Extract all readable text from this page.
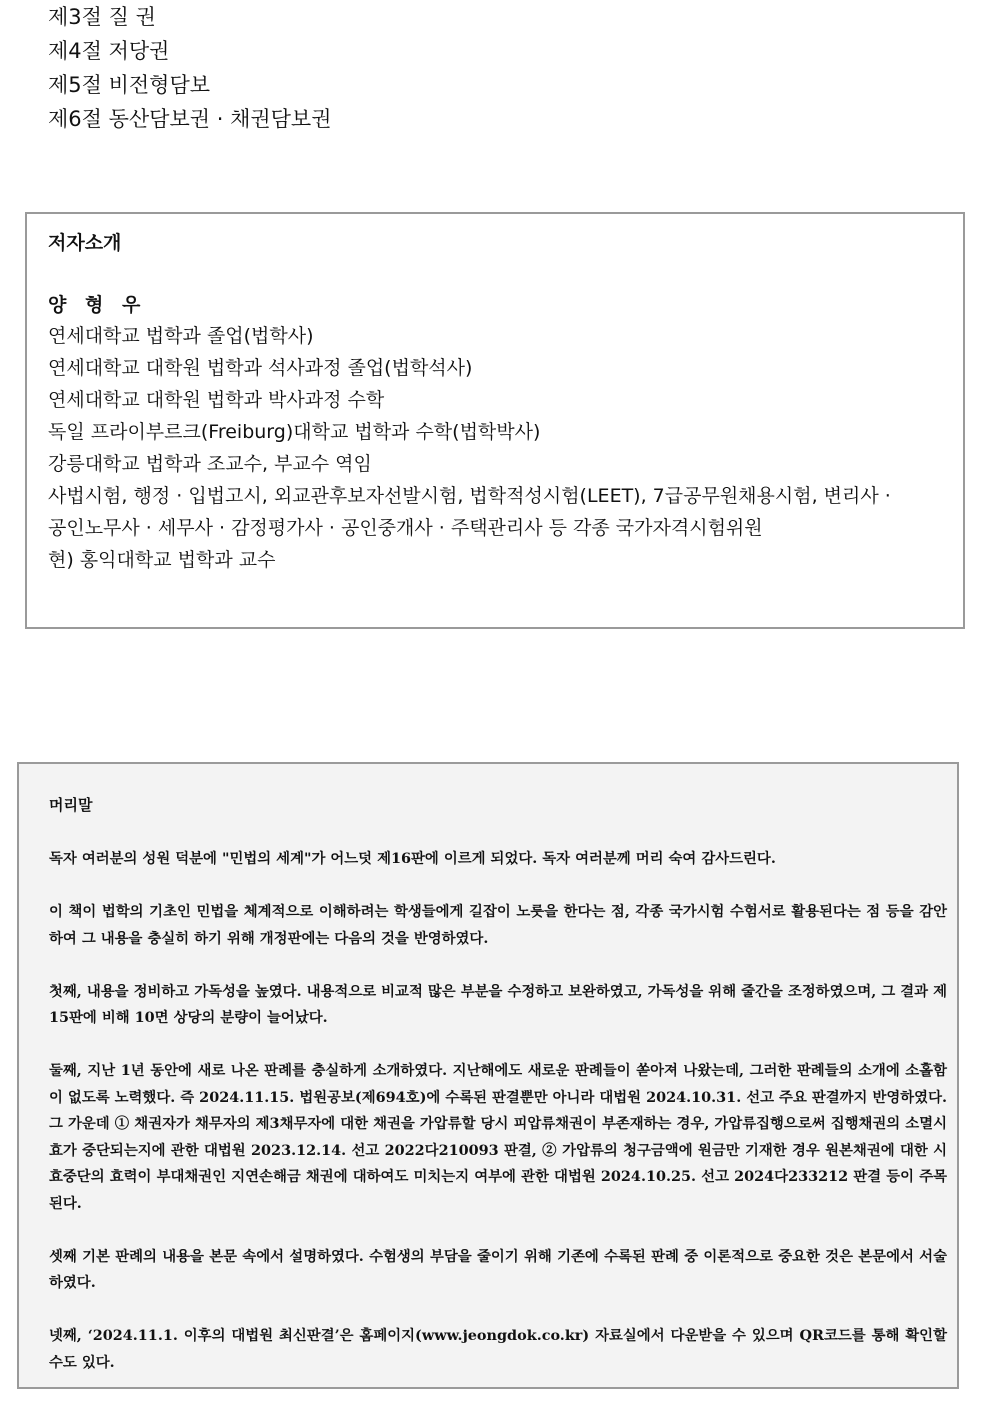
제3절 질 권
제4절 저당권
제5절 비전형담보
제6절 동산담보권 · 채권담보권
저자소개
양 형 우
연세대학교 법학과 졸업(법학사)
연세대학교 대학원 법학과 석사과정 졸업(법학석사)
연세대학교 대학원 법학과 박사과정 수학
독일 프라이부르크(Freiburg)대학교 법학과 수학(법학박사)
강릉대학교 법학과 조교수, 부교수 역임
사법시험, 행정 · 입법고시, 외교관후보자선발시험, 법학적성시험(LEET), 7급공무원채용시험, 변리사 ·
공인노무사 · 세무사 · 감정평가사 · 공인중개사 · 주택관리사 등 각종 국가자격시험위원
현) 홍익대학교 법학과 교수
머리말

독자 여러분의 성원 덕분에 "민법의 세계"가 어느덧 제16판에 이르게 되었다. 독자 여러분께 머리 숙여 감사드린다.

이 책이 법학의 기초인 민법을 체계적으로 이해하려는 학생들에게 길잡이 노릇을 한다는 점, 각종 국가시험 수험서로 활용된다는 점 등을 감안하여 그 내용을 충실히 하기 위해 개정판에는 다음의 것을 반영하였다.

첫째, 내용을 정비하고 가독성을 높였다. 내용적으로 비교적 많은 부분을 수정하고 보완하였고, 가독성을 위해 줄간을 조정하였으며, 그 결과 제15판에 비해 10면 상당의 분량이 늘어났다.

둘째, 지난 1년 동안에 새로 나온 판례를 충실하게 소개하였다. 지난해에도 새로운 판례들이 쏟아져 나왔는데, 그러한 판례들의 소개에 소홀함이 없도록 노력했다. 즉 2024.11.15. 법원공보(제694호)에 수록된 판결뿐만 아니라 대법원 2024.10.31. 선고 주요 판결까지 반영하였다. 그 가운데 ① 채권자가 채무자의 제3채무자에 대한 채권을 가압류할 당시 피압류채권이 부존재하는 경우, 가압류집행으로써 집행채권의 소멸시효가 중단되는지에 관한 대법원 2023.12.14. 선고 2022다210093 판결, ② 가압류의 청구금액에 원금만 기재한 경우 원본채권에 대한 시효중단의 효력이 부대채권인 지연손해금 채권에 대하여도 미치는지 여부에 관한 대법원 2024.10.25. 선고 2024다233212 판결 등이 주목된다.

셋째 기본 판례의 내용을 본문 속에서 설명하였다. 수험생의 부담을 줄이기 위해 기존에 수록된 판례 중 이론적으로 중요한 것은 본문에서 서술하였다.

넷째, ‘2024.11.1. 이후의 대법원 최신판결’은 홈페이지(www.jeongdok.co.kr) 자료실에서 다운받을 수 있으며 QR코드를 통해 확인할 수도 있다.
